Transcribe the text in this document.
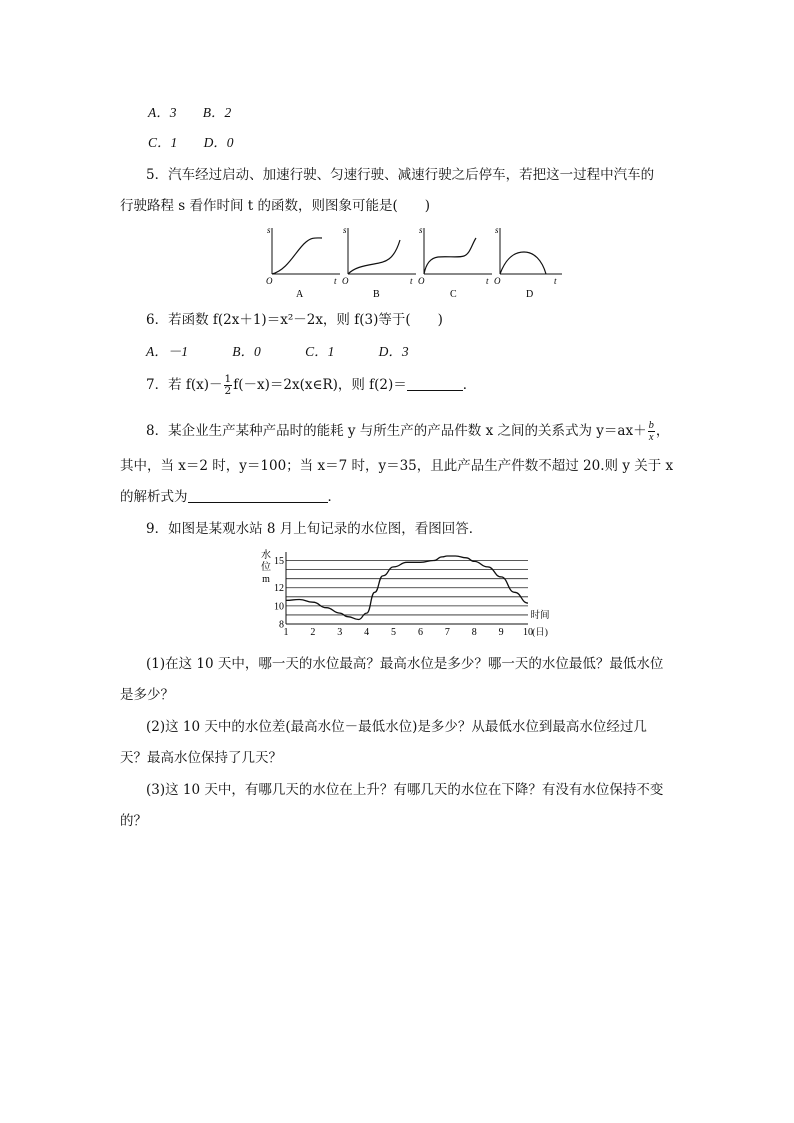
A．3 B．2
C．1 D．0
5．汽车经过启动、加速行驶、匀速行驶、减速行驶之后停车，若把这一过程中汽车的
行驶路程 s 看作时间 t 的函数，则图象可能是(　　)
s
t
O
A
s
t
O
B
s
t
O
C
s
t
O
D
6．若函数 f(2x＋1)＝x²－2x，则 f(3)等于(　　)
A．－1	B．0	C．1	D．3
7．若 $f(x)- \frac{1}{2}$ f(－x)＝2x(x∈R)，则 f(2)＝	．
8．某企业生产某种产品时的能耗 y 与所生产的产品件数 x 之间的关系式为 $y=ax+ \frac{b}{x}$ ，
其中，当 x＝2 时，y＝100；当 x＝7 时，y＝35，且此产品生产件数不超过 20.则 y 关于 x
的解析式为	．
9．如图是某观水站 8 月上旬记录的水位图，看图回答．
8
10
12
15
水
位
m
1 2 3 4 5 6 7 8 9 10
时间
(日)
(1)在这 10 天中，哪一天的水位最高？最高水位是多少？哪一天的水位最低？最低水位
是多少？
(2)这 10 天中的水位差(最高水位－最低水位)是多少？从最低水位到最高水位经过几
天？最高水位保持了几天？
(3)这 10 天中，有哪几天的水位在上升？有哪几天的水位在下降？有没有水位保持不变
的？
